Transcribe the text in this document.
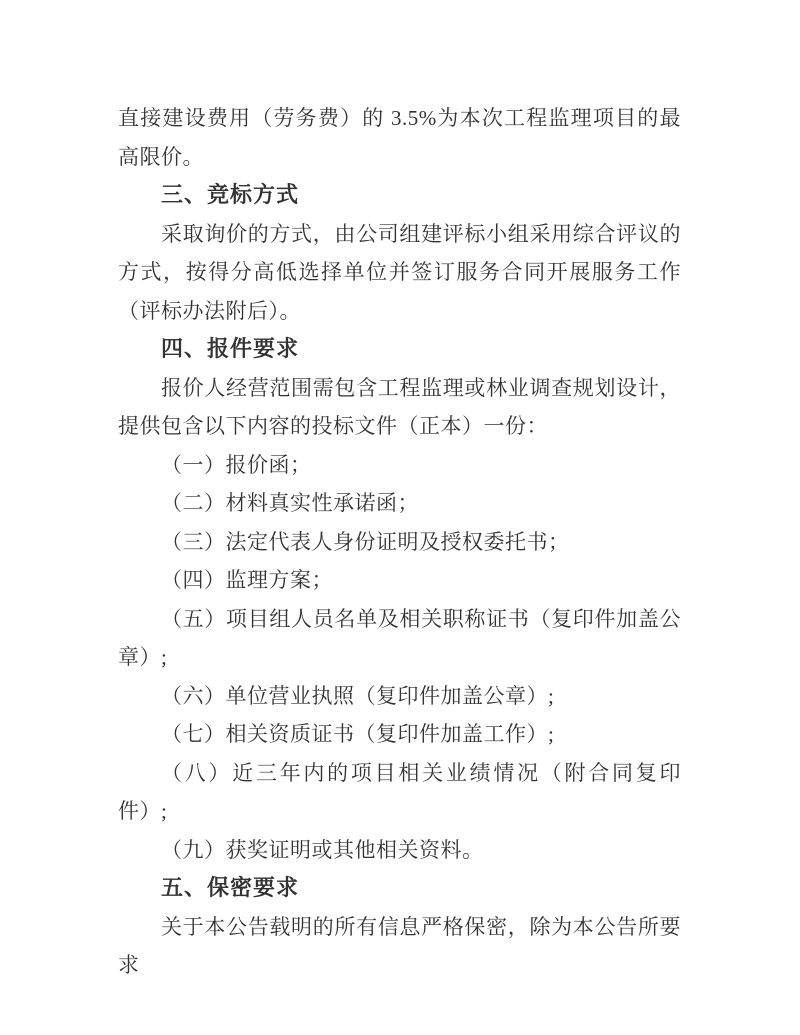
直接建设费用（劳务费）的 3.5%为本次工程监理项目的最高限价。

三、竞标方式

采取询价的方式，由公司组建评标小组采用综合评议的方式，按得分高低选择单位并签订服务合同开展服务工作（评标办法附后）。

四、报件要求

报价人经营范围需包含工程监理或林业调查规划设计，提供包含以下内容的投标文件（正本）一份：

（一）报价函；

（二）材料真实性承诺函；

（三）法定代表人身份证明及授权委托书；

（四）监理方案；

（五）项目组人员名单及相关职称证书（复印件加盖公章）;

（六）单位营业执照（复印件加盖公章）;

（七）相关资质证书（复印件加盖工作）;

（八）近三年内的项目相关业绩情况（附合同复印件）;

（九）获奖证明或其他相关资料。

五、保密要求

关于本公告载明的所有信息严格保密，除为本公告所要求
